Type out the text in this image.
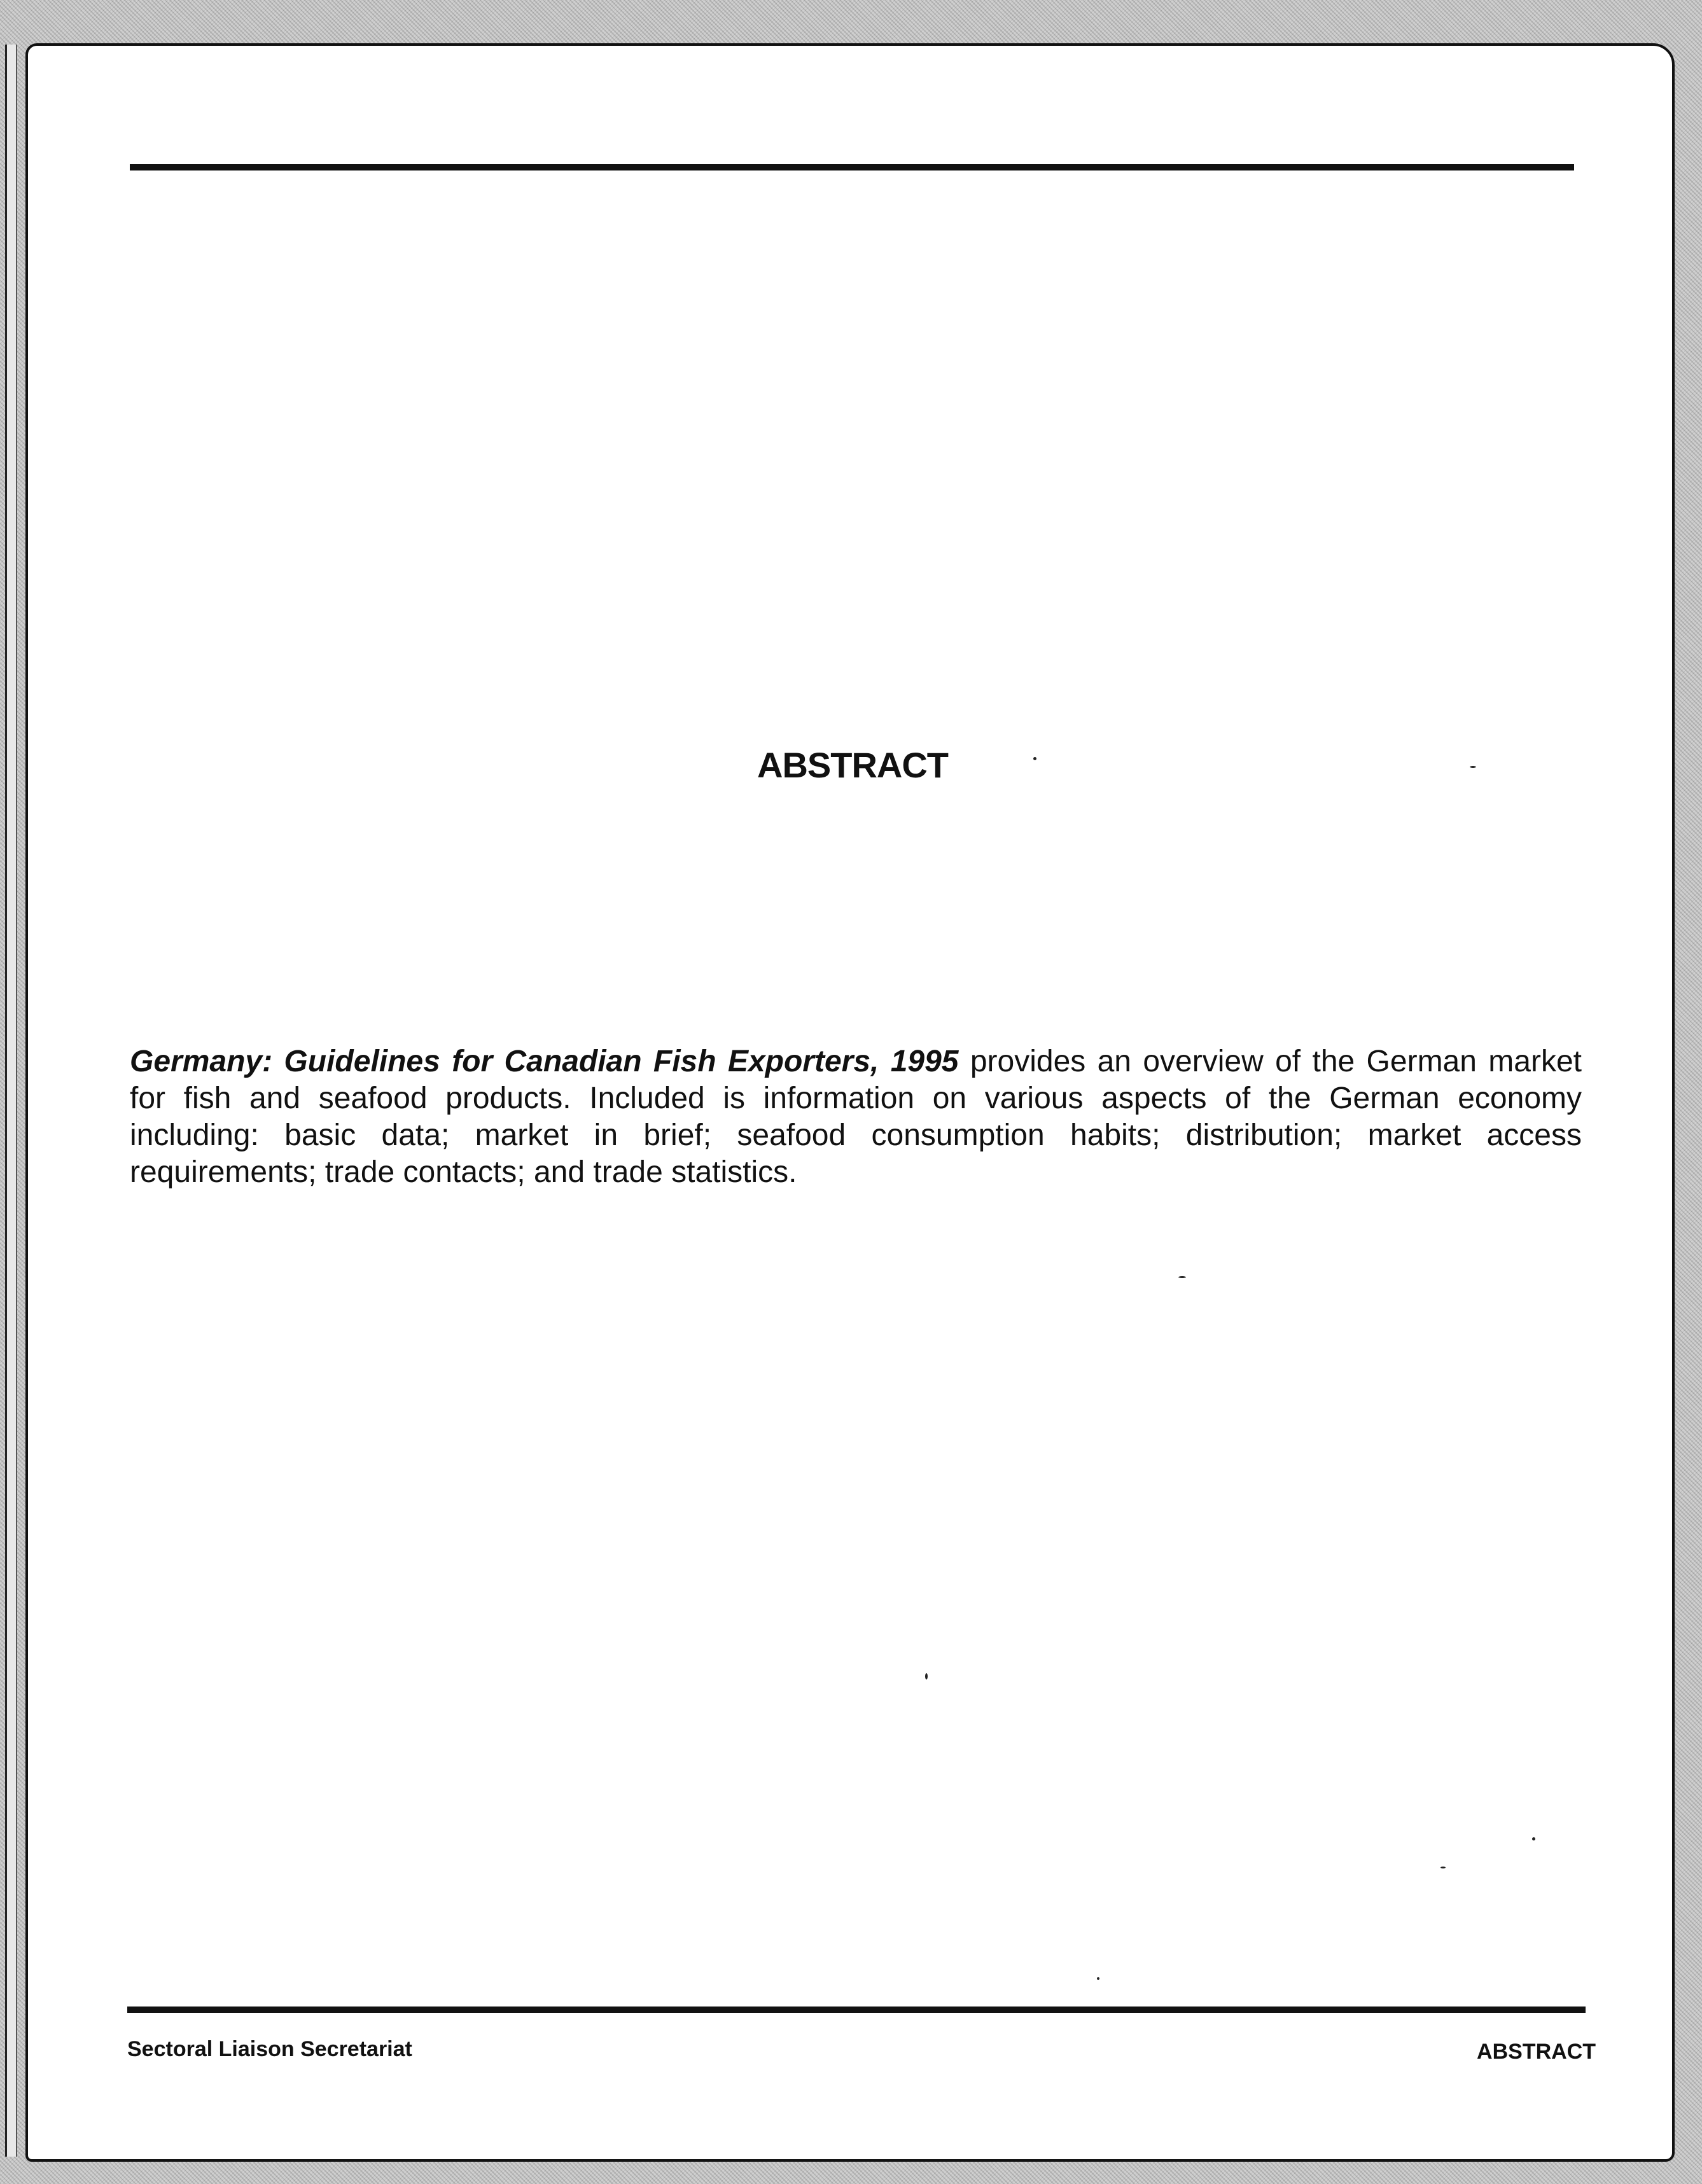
ABSTRACT

Germany: Guidelines for Canadian Fish Exporters, 1995 provides an overview of the German market for fish and seafood products. Included is information on various aspects of the German economy including: basic data; market in brief; seafood consumption habits; distribution; market access requirements; trade contacts; and trade statistics.

Sectoral Liaison Secretariat	ABSTRACT
